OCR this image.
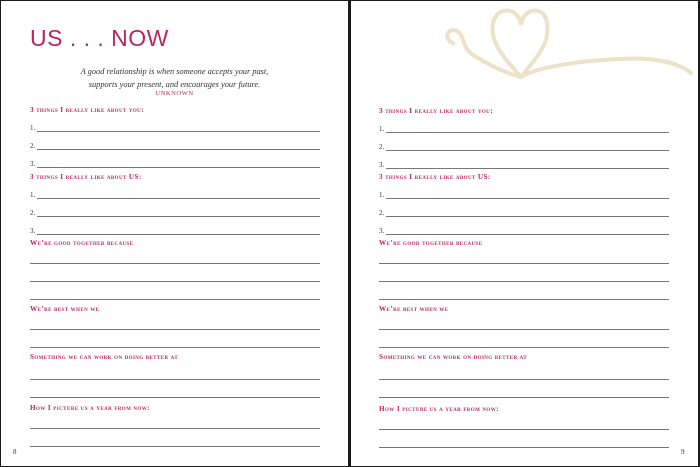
US . . . NOW
A good relationship is when someone accepts your past,
supports your present, and encourages your future.
UNKNOWN
3 things I really like about you:
1.
2.
3.
3 things I really like about US:
1.
2.
3.
We’re good together because
We’re best when we
Something we can work on doing better at
How I picture us a year from now:
8
3 things I really like about you:
1.
2.
3.
3 things I really like about US:
1.
2.
3.
We’re good together because
We’re best when we
Something we can work on doing better at
How I picture us a year from now:
9
